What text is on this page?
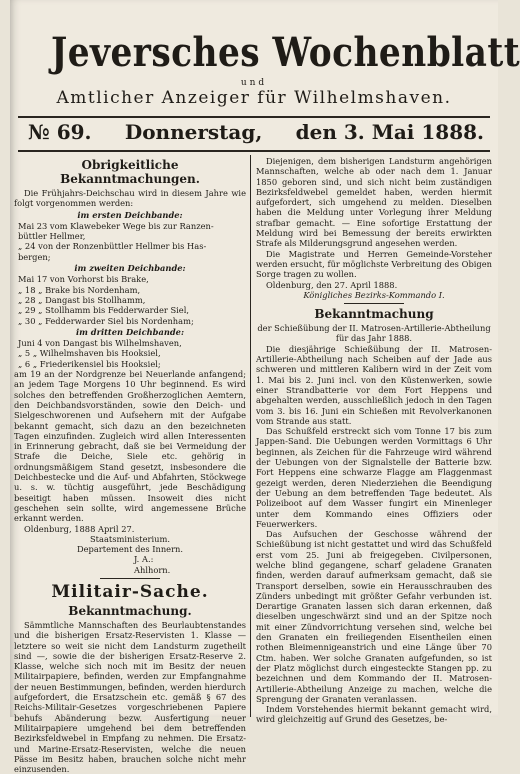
Jeversches Wochenblatt
und
Amtlicher Anzeiger für Wilhelmshaven.
№ 69. Donnerstag, den 3. Mai 1888.
Obrigkeitliche Bekanntmachungen.

Die Frühjahrs-Deichschau wird in diesem Jahre wie folgt vorgenommen werden:

im ersten Deichbande:
Mai 23 vom Klawebeker Wege bis zur Ranzen-
büttler Hellmer,
„ 24 von der Ronzenbüttler Hellmer bis Has-
bergen;
im zweiten Deichbande:
Mai 17 von Vorhorst bis Brake,
„ 18 „ Brake bis Nordenham,
„ 28 „ Dangast bis Stollhamm,
„ 29 „ Stollhamm bis Fedderwarder Siel,
„ 30 „ Fedderwarder Siel bis Nordenham;
im dritten Deichbande:
Juni 4 von Dangast bis Wilhelmshaven,
„ 5 „ Wilhelmshaven bis Hooksiel,
„ 6 „ Friederikensiel bis Hooksiel;

am 19 an der Nordgrenze bei Neuerlande anfangend; an jedem Tage Morgens 10 Uhr beginnend. Es wird solches den betreffenden Großherzoglichen Aemtern, den Deichbandsvorständen, sowie den Deich- und Sielgeschworenen und Aufsehern mit der Aufgabe bekannt gemacht, sich dazu an den bezeichneten Tagen einzufinden. Zugleich wird allen Interessenten in Erinnerung gebracht, daß sie bei Vermeidung der Strafe die Deiche, Siele etc. gehörig in ordnungsmäßigem Stand gesetzt, insbesondere die Deichbestecke und die Auf- und Abfahrten, Stöckwege u. s. w. tüchtig ausgeführt, jede Beschädigung beseitigt haben müssen. Insoweit dies nicht geschehen sein sollte, wird angemessene Brüche erkannt werden.

Oldenburg, 1888 April 27.

Staatsministerium.

Departement des Innern.

J. A.:

Ahlhorn.

Militair-Sache.
Bekanntmachung.

Sämmtliche Mannschaften des Beurlaubtenstandes und die bisherigen Ersatz-Reservisten 1. Klasse — letztere so weit sie nicht dem Landsturm zugetheilt sind —, sowie die der bisherigen Ersatz-Reserve 2. Klasse, welche sich noch mit im Besitz der neuen Militairpapiere, befinden, werden zur Empfangnahme der neuen Bestimmungen, befinden, werden hierdurch aufgefordert, die Ersatzschein etc. gemäß § 67 des Reichs-Militair-Gesetzes vorgeschriebenen Papiere behufs Abänderung bezw. Ausfertigung neuer Militairpapiere umgehend bei dem betreffenden Bezirksfeldwebel in Empfang zu nehmen. Die Ersatz- und Marine-Ersatz-Reservisten, welche die neuen Pässe im Besitz haben, brauchen solche nicht mehr einzusenden.

Diejenigen, dem bisherigen Landsturm angehörigen Mannschaften, welche ab oder nach dem 1. Januar 1850 geboren sind, und sich nicht beim zuständigen Bezirksfeldwebel gemeldet haben, werden hiermit aufgefordert, sich umgehend zu melden. Dieselben haben die Meldung unter Vorlegung ihrer Meldung strafbar gemacht. — Eine sofortige Erstattung der Meldung wird bei Bemessung der bereits erwirkten Strafe als Milderungsgrund angesehen werden.

Die Magistrate und Herren Gemeinde-Vorsteher werden ersucht, für möglichste Verbreitung des Obigen Sorge tragen zu wollen.

Oldenburg, den 27. April 1888.

Königliches Bezirks-Kommando I.

Bekanntmachung

der Schießübung der II. Matrosen-Artillerie-Abtheilung für das Jahr 1888.

Die diesjährige Schießübung der II. Matrosen-Artillerie-Abtheilung nach Scheiben auf der Jade aus schweren und mittleren Kalibern wird in der Zeit vom 1. Mai bis 2. Juni incl. von den Küstenwerken, sowie einer Strandbatterie vor dem Fort Heppens und abgehalten werden, ausschließlich jedoch in den Tagen vom 3. bis 16. Juni ein Schießen mit Revolverkanonen vom Strande aus statt.

Das Schußfeld erstreckt sich vom Tonne 17 bis zum Jappen-Sand. Die Uebungen werden Vormittags 6 Uhr beginnen, als Zeichen für die Fahrzeuge wird während der Uebungen von der Signalstelle der Batterie bzw. Fort Heppens eine schwarze Flagge am Flaggenmast gezeigt werden, deren Niederziehen die Beendigung der Uebung an dem betreffenden Tage bedeutet. Als Polizeiboot auf dem Wasser fungirt ein Minenleger unter dem Kommando eines Offiziers oder Feuerwerkers.

Das Aufsuchen der Geschosse während der Schießübung ist nicht gestattet und wird das Schußfeld erst vom 25. Juni ab freigegeben. Civilpersonen, welche blind gegangene, scharf geladene Granaten finden, werden darauf aufmerksam gemacht, daß sie Transport derselben, sowie ein Herausschrauben des Zünders unbedingt mit größter Gefahr verbunden ist. Derartige Granaten lassen sich daran erkennen, daß dieselben ungeschwärzt sind und an der Spitze noch mit einer Zündvorrichtung versehen sind, welche bei den Granaten ein freiliegenden Eisentheilen einen rothen Bleimennigeanstrich und eine Länge über 70 Ctm. haben. Wer solche Granaten aufgefunden, so ist der Platz möglichst durch eingesteckte Stangen pp. zu bezeichnen und dem Kommando der II. Matrosen-Artillerie-Abtheilung Anzeige zu machen, welche die Sprengung der Granaten veranlassen.

Indem Vorstehendes hiermit bekannt gemacht wird, wird gleichzeitig auf Grund des Gesetzes, be-
